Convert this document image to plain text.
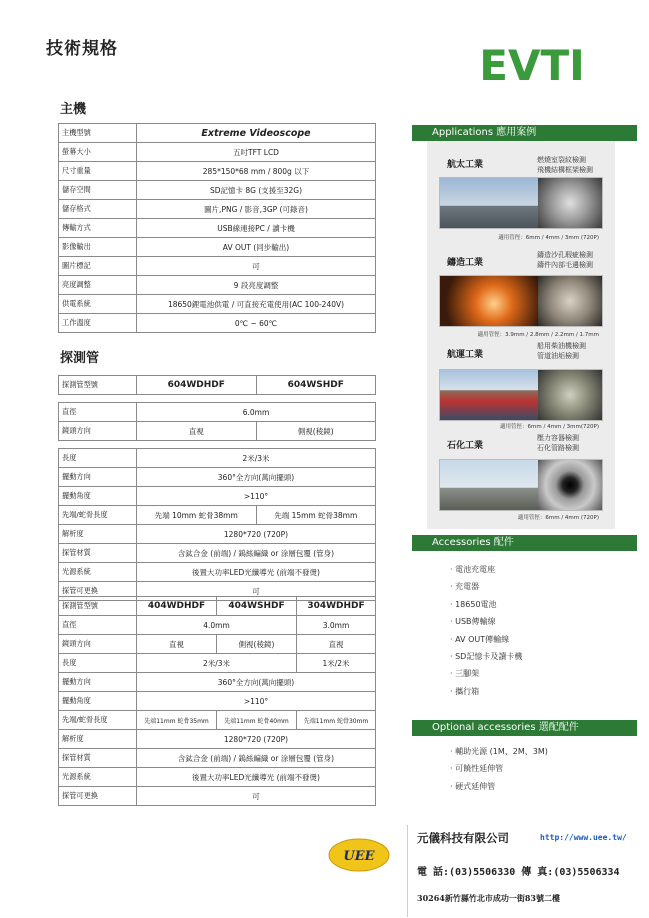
技術規格	EVTI
主機
主機型號	Extreme Videoscope
螢幕大小	五吋TFT LCD
尺寸重量	285*150*68 mm / 800g 以下
儲存空間	SD記憶卡 8G (支援至32G)
儲存格式	圖片,PNG / 影音,3GP (可錄音)
傳輸方式	USB線連接PC / 讀卡機
影像輸出	AV OUT (同步輸出)
圖片標記	可
亮度調整	9 段亮度調整
供電系統	18650鋰電池供電 / 可直接充電使用(AC 100-240V)
工作溫度	0℃ ~ 60℃
探測管
探測管型號	604WDHDF	604WSHDF

直徑	6.0mm	
鏡頭方向	直視	側視(稜鏡)

長度	2米/3米	
擺動方向	360°全方向(萬向擺頭)	
擺動角度	>110°	
先端/蛇骨長度	先端 10mm 蛇骨38mm	先端 15mm 蛇骨38mm
解析度	1280*720 (720P)	
探管材質	含鈦合金 (前端) / 鎢絲編織 or 涂層包覆 (管身)	
光源系統	後置大功率LED光纖導光 (前端不發燙)	
探管可更換	可	
探測管型號	404WDHDF	404WSHDF	304WDHDF
直徑	4.0mm		3.0mm
鏡頭方向	直視	側視(稜鏡)	直視
長度	2米/3米		1米/2米
擺動方向	360°全方向(萬向擺頭)		
擺動角度	>110°		
先端/蛇骨長度	先端11mm 蛇骨35mm	先端11mm 蛇骨40mm	先端11mm 蛇骨30mm
解析度	1280*720 (720P)		
探管材質	含鈦合金 (前端) / 鎢絲編織 or 涂層包覆 (管身)		
光源系統	後置大功率LED光纖導光 (前端不發燙)		
探管可更換	可		
Applications 應用案例
航太工業	燃燒室裂紋檢測
飛機結構框架檢測
適用管徑：6mm / 4mm / 3mm (720P)
鑄造工業
鑄造沙孔瑕疵檢測
鑄件內部毛邊檢測
適用管徑：3.9mm / 2.8mm / 2.2mm / 1.7mm
航運工業
船用柴油機檢測
管道油垢檢測
適用管徑：6mm / 4mm / 3mm(720P)
石化工業
壓力容器檢測
石化管路檢測
適用管徑：6mm / 4mm (720P)
Accessories 配件
· 電池充電座
· 充電器
· 18650電池
· USB傳輸線
· AV OUT傳輸線
· SD記憶卡及讀卡機
· 三腳架
· 攜行箱
Optional accessories 選配配件
· 輔助光源 (1M、2M、3M)
· 可饒性延伸管
· 硬式延伸管
UEE
元儀科技有限公司	http://www.uee.tw/
電 話:(03)5506330 傳 真:(03)5506334
30264新竹縣竹北市成功一街83號二樓
